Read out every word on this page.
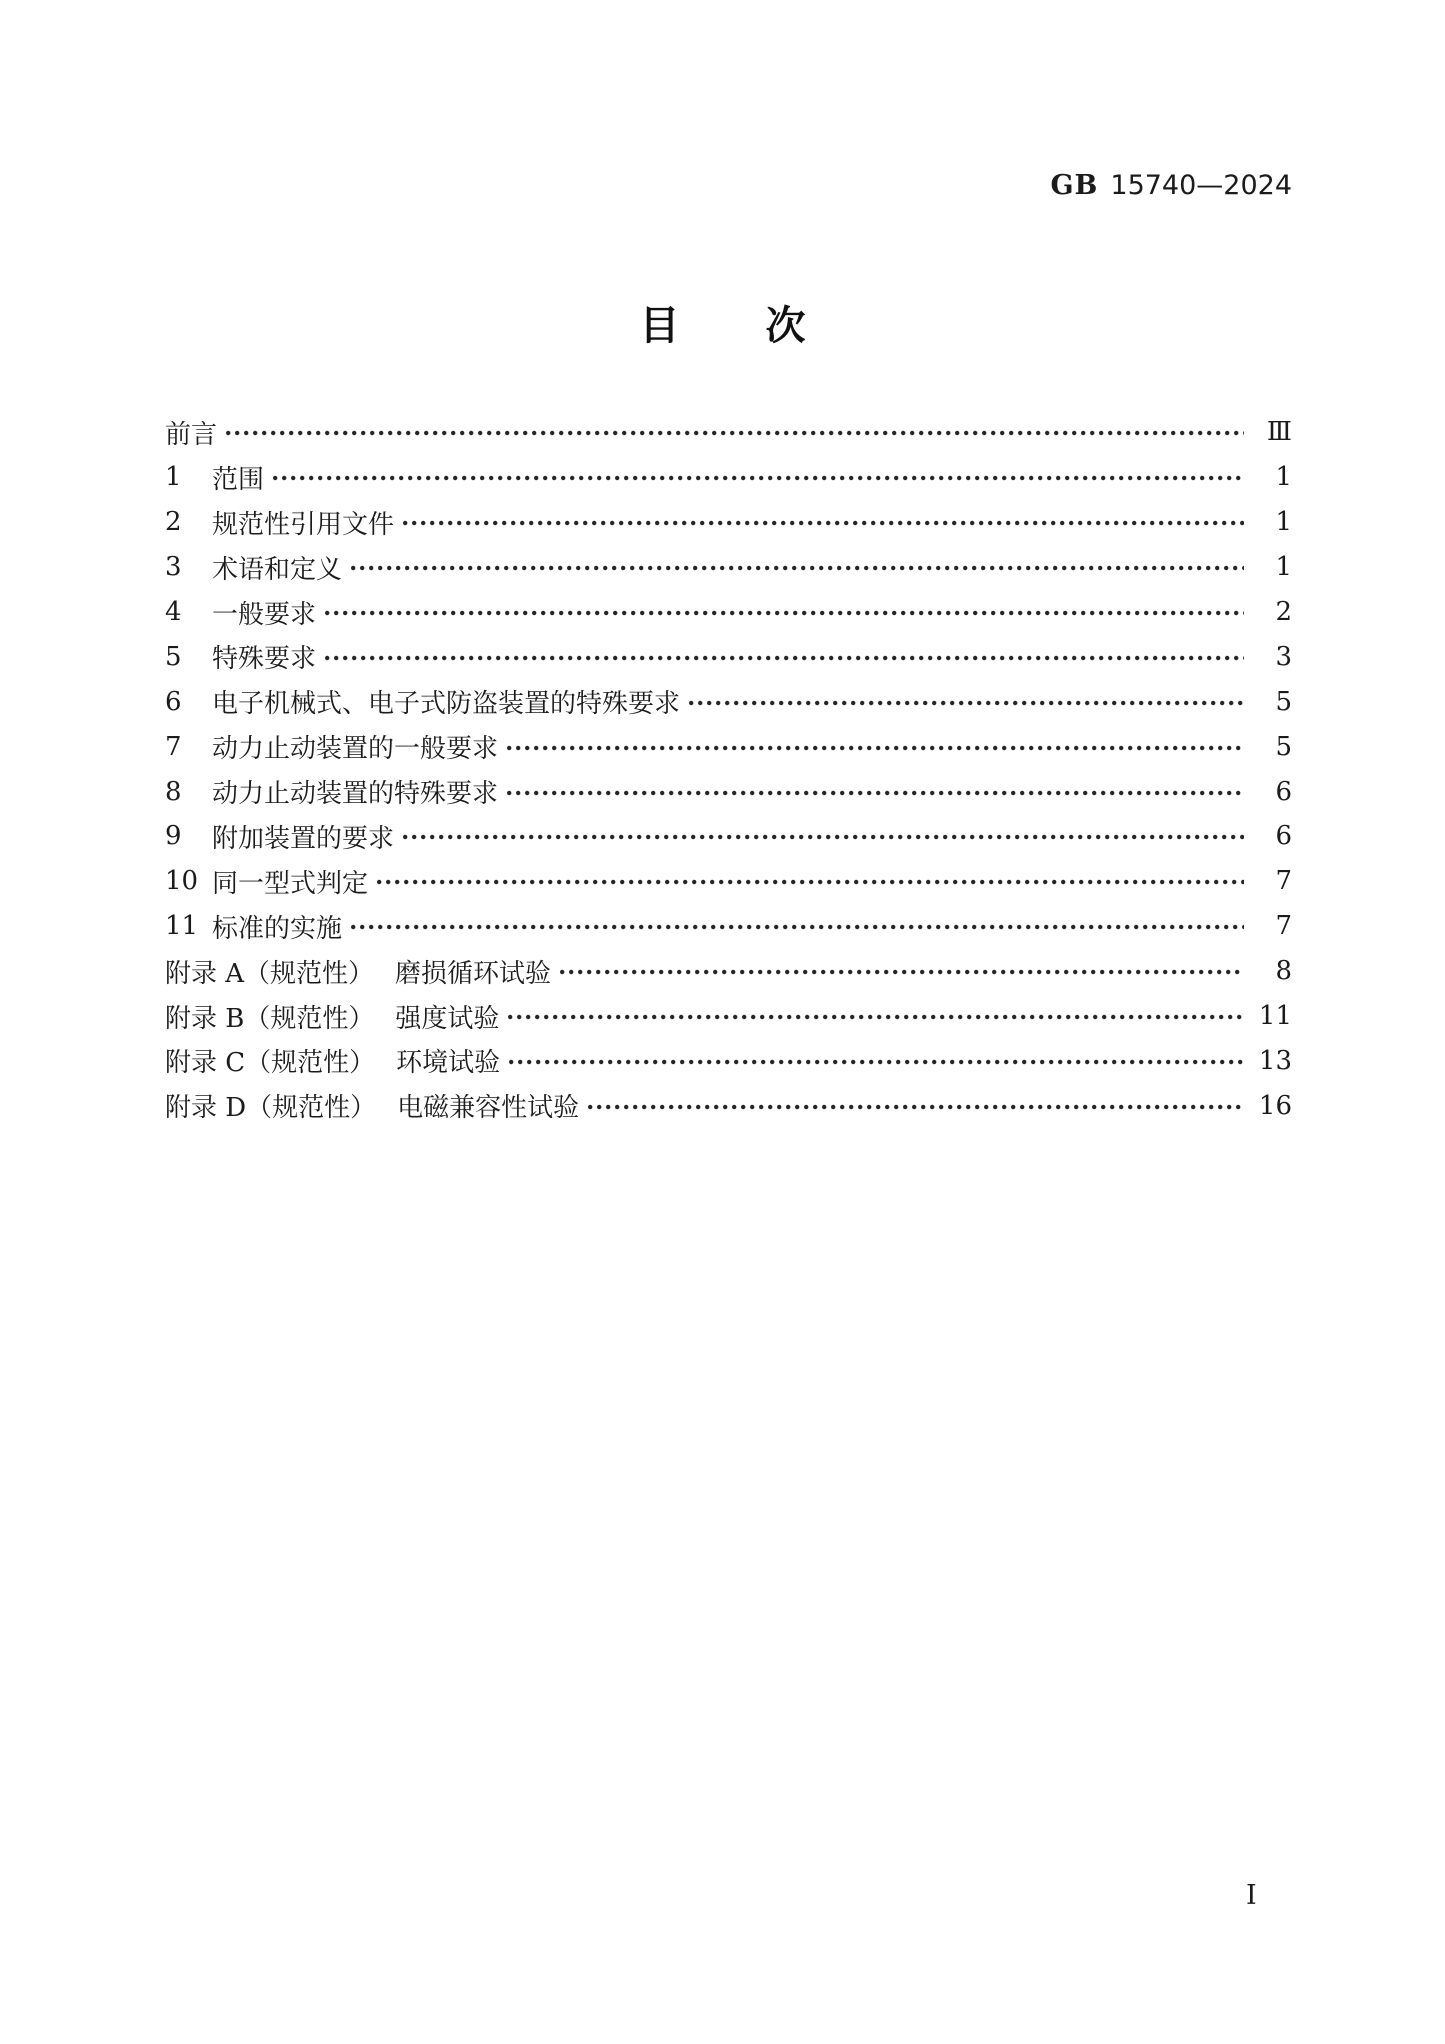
GB 15740—2024
目次
前言	Ⅲ
1	范围	1
2	规范性引用文件	1
3	术语和定义	1
4	一般要求	2
5	特殊要求	3
6	电子机械式、电子式防盗装置的特殊要求	5
7	动力止动装置的一般要求	5
8	动力止动装置的特殊要求	6
9	附加装置的要求	6
10 同一型式判定	7
11 标准的实施	7
附录 A（规范性） 磨损循环试验	8
附录 B（规范性） 强度试验	11
附录 C（规范性） 环境试验	13
附录 D（规范性） 电磁兼容性试验	16
I
